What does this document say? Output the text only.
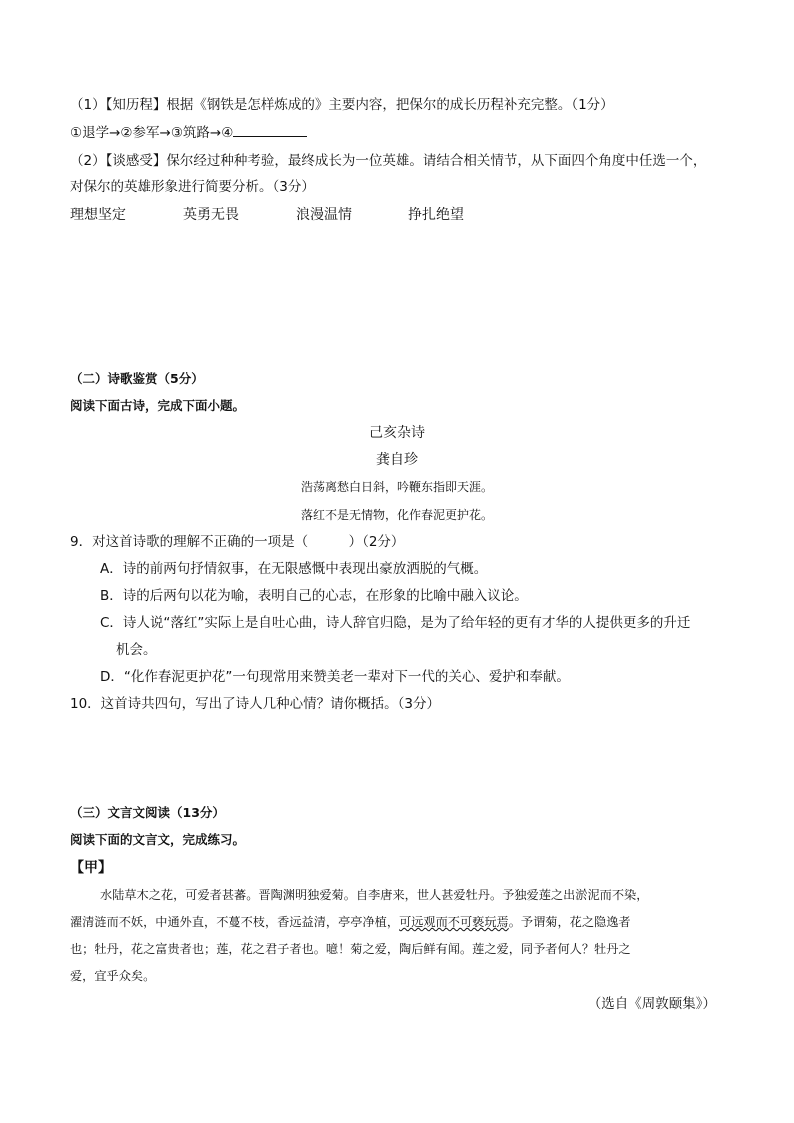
（1）【知历程】根据《钢铁是怎样炼成的》主要内容，把保尔的成长历程补充完整。（1分）
①退学→②参军→③筑路→④
（2）【谈感受】保尔经过种种考验，最终成长为一位英雄。请结合相关情节，从下面四个角度中任选一个，
对保尔的英雄形象进行简要分析。（3分）
理想坚定	英勇无畏	浪漫温情	挣扎绝望
（二）诗歌鉴赏（5分）
阅读下面古诗，完成下面小题。
己亥杂诗
龚自珍
浩荡离愁白日斜，吟鞭东指即天涯。
落红不是无情物，化作春泥更护花。
9．对这首诗歌的理解不正确的一项是（　　　）（2分）
A．诗的前两句抒情叙事，在无限感慨中表现出豪放洒脱的气概。
B．诗的后两句以花为喻，表明自己的心志，在形象的比喻中融入议论。
C．诗人说“落红”实际上是自吐心曲，诗人辞官归隐，是为了给年轻的更有才华的人提供更多的升迁
机会。
D．“化作春泥更护花”一句现常用来赞美老一辈对下一代的关心、爱护和奉献。
10．这首诗共四句，写出了诗人几种心情？请你概括。（3分）
（三）文言文阅读（13分）
阅读下面的文言文，完成练习。
【甲】
水陆草木之花，可爱者甚蕃。晋陶渊明独爱菊。自李唐来，世人甚爱牡丹。予独爱莲之出淤泥而不染，
濯清涟而不妖，中通外直，不蔓不枝，香远益清，亭亭净植，可远观而不可亵玩焉。予谓菊，花之隐逸者
也；牡丹，花之富贵者也；莲，花之君子者也。噫！菊之爱，陶后鲜有闻。莲之爱，同予者何人？牡丹之
爱，宜乎众矣。
（选自《周敦颐集》）
